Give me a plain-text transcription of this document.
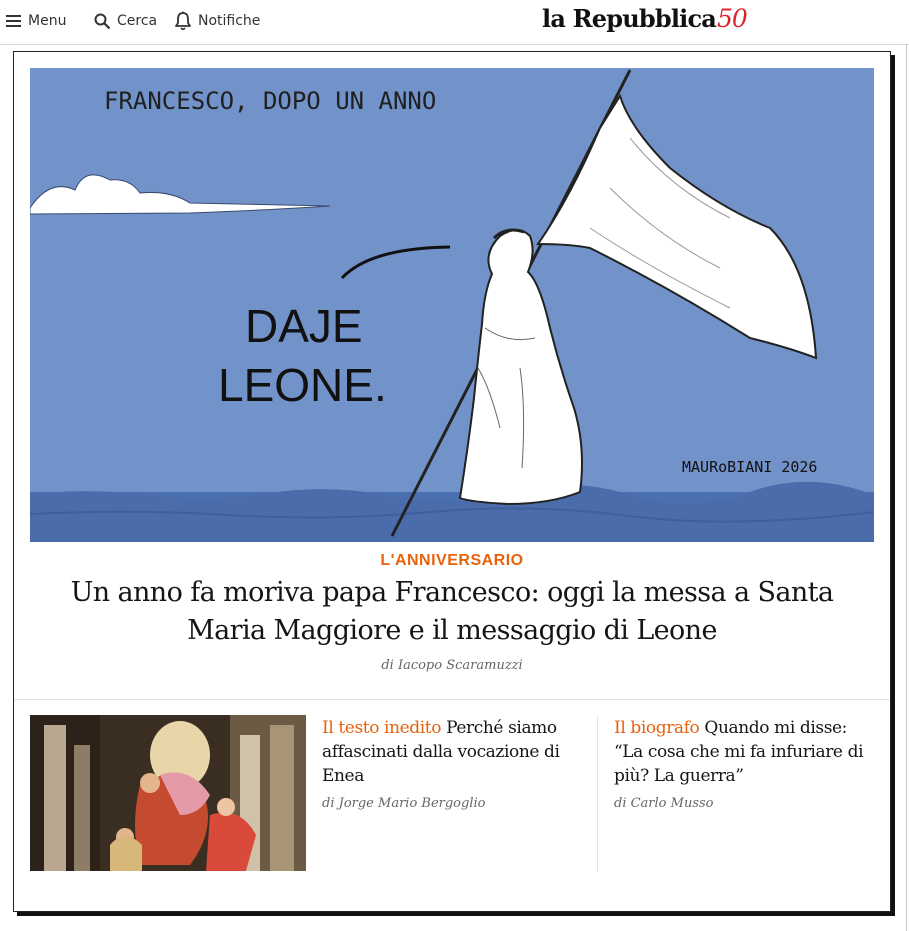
Menu	Cerca	Notifiche	la Repubblica 50
FRANCESCO, DOPO UN ANNO
DAJE
LEONE.
MAURoBIANI 2026
L'ANNIVERSARIO
Un anno fa moriva papa Francesco: oggi la messa a Santa Maria Maggiore e il messaggio di Leone
di Iacopo Scaramuzzi
Il testo inedito Perché siamo affascinati dalla vocazione di Enea
di Jorge Mario Bergoglio
Il biografo Quando mi disse: “La cosa che mi fa infuriare di più? La guerra”
di Carlo Musso
